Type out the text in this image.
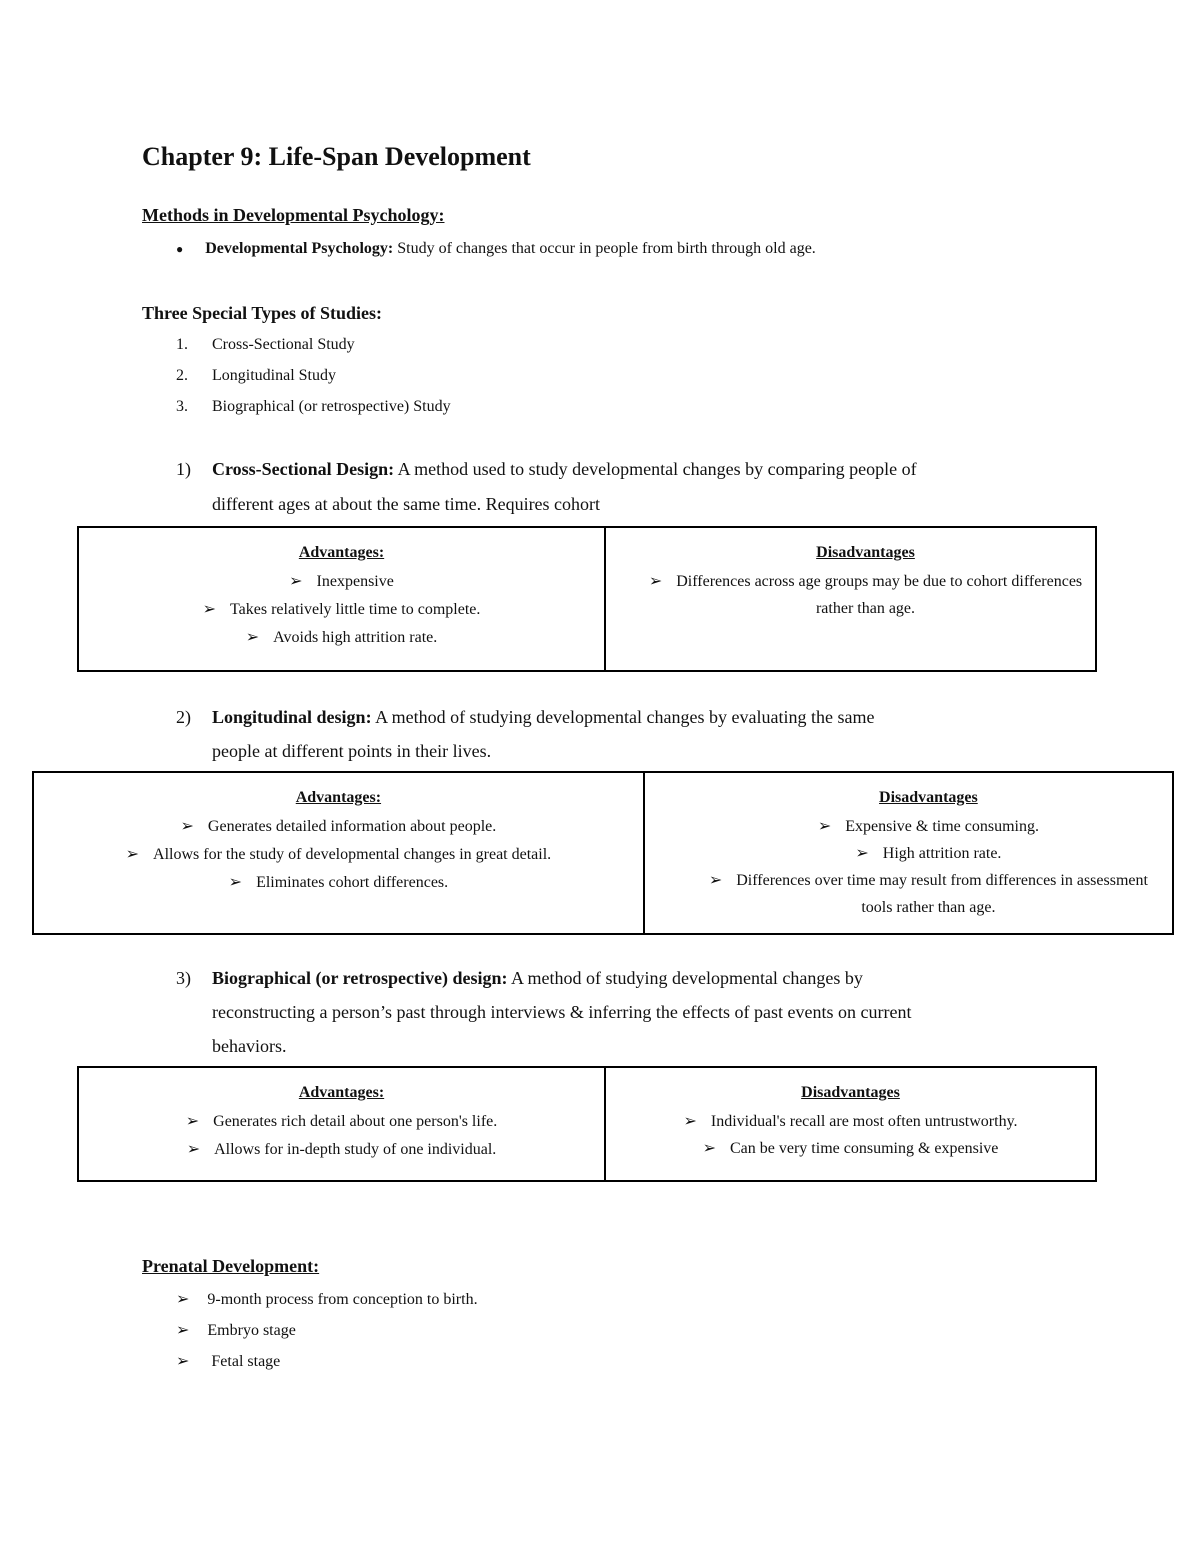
Chapter 9: Life-Span Development
Methods in Developmental Psychology:
● Developmental Psychology: Study of changes that occur in people from birth through old age.
Three Special Types of Studies:
1. Cross-Sectional Study
2. Longitudinal Study
3. Biographical (or retrospective) Study
1) Cross-Sectional Design: A method used to study developmental changes by comparing people of
different ages at about the same time. Requires cohort
Advantages:
➢ Inexpensive
➢ Takes relatively little time to complete.
➢ Avoids high attrition rate.

Disadvantages
➢ Differences across age groups may be due to cohort differences rather than age.
2) Longitudinal design: A method of studying developmental changes by evaluating the same
people at different points in their lives.
Advantages:
➢ Generates detailed information about people.
➢ Allows for the study of developmental changes in great detail.
➢ Eliminates cohort differences.

Disadvantages
➢ Expensive & time consuming.
➢ High attrition rate.
➢ Differences over time may result from differences in assessment tools rather than age.
3) Biographical (or retrospective) design: A method of studying developmental changes by
reconstructing a person’s past through interviews & inferring the effects of past events on current
behaviors.
Advantages:
➢ Generates rich detail about one person's life.
➢ Allows for in-depth study of one individual.

Disadvantages
➢ Individual's recall are most often untrustworthy.
➢ Can be very time consuming & expensive
Prenatal Development:
➢ 9-month process from conception to birth.
➢ Embryo stage
➢ Fetal stage
